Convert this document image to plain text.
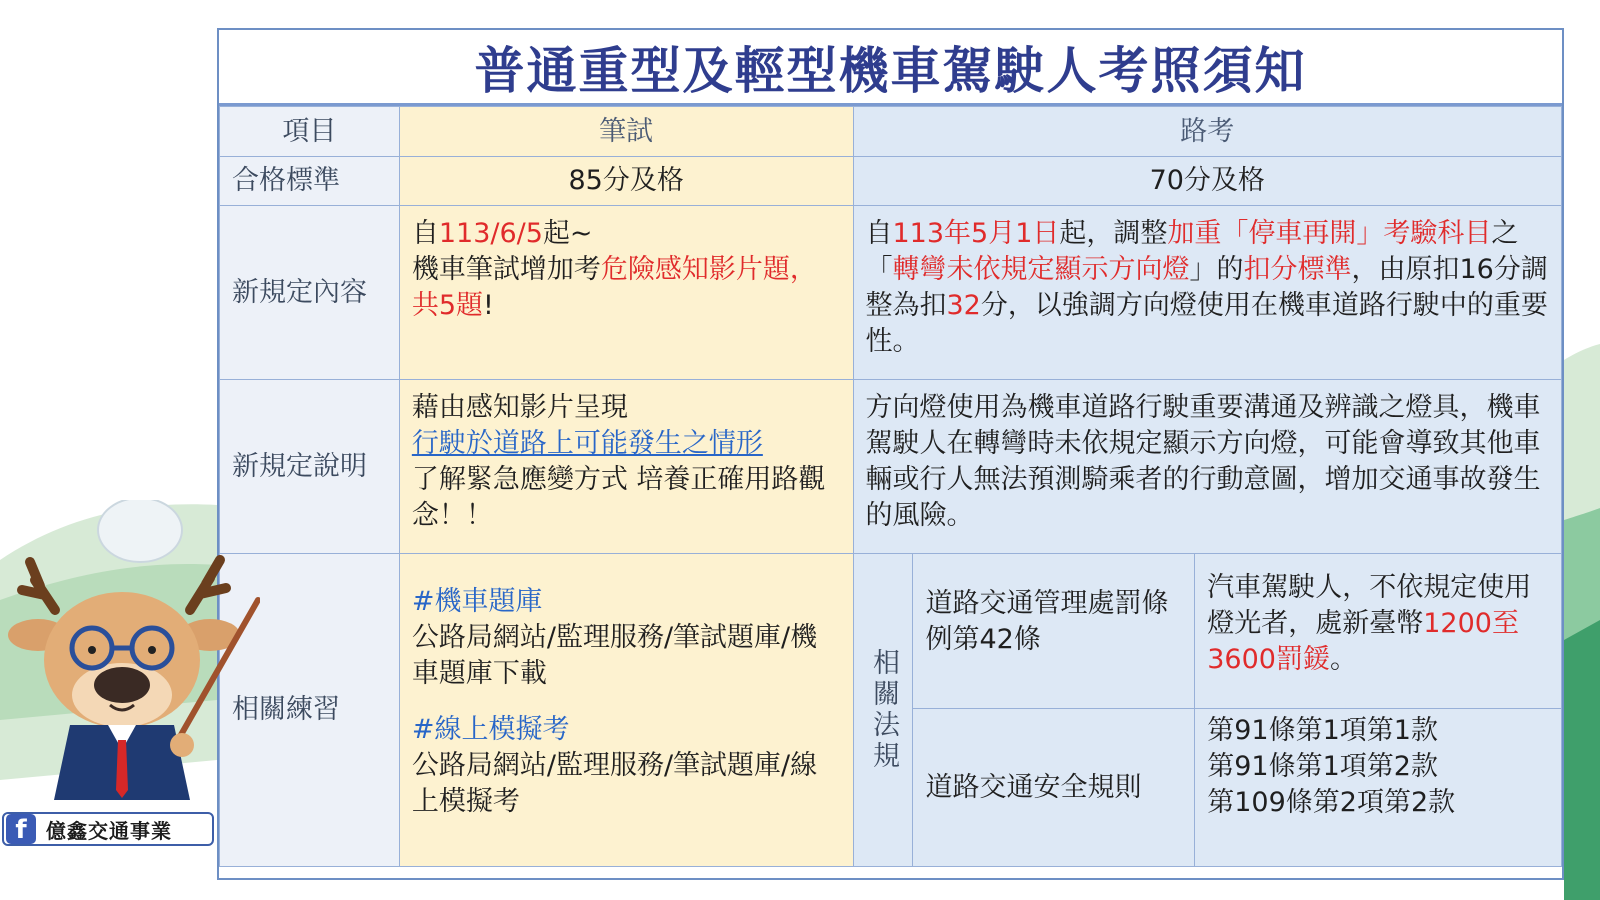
普通重型及輕型機車駕駛人考照須知
項目	筆試	路考		
合格標準	85分及格	70分及格		
新規定內容	自113/6/5起~
機車筆試增加考危險感知影片題，
共5題!	自113年5月1日起，調整加重「停車再開」考驗科目之「轉彎未依規定顯示方向燈」的扣分標準，由原扣16分調整為扣32分，以強調方向燈使用在機車道路行駛中的重要性。		
新規定說明	藉由感知影片呈現
行駛於道路上可能發生之情形
了解緊急應變方式 培養正確用路觀念！！	方向燈使用為機車道路行駛重要溝通及辨識之燈具，機車駕駛人在轉彎時未依規定顯示方向燈，可能會導致其他車輛或行人無法預測騎乘者的行動意圖，增加交通事故發生的風險。		
相關練習	#機車題庫
公路局網站/監理服務/筆試題庫/機車題庫下載
#線上模擬考
公路局網站/監理服務/筆試題庫/線上模擬考	相關法規	道路交通管理處罰條例第42條	汽車駕駛人，不依規定使用燈光者，處新臺幣1200至3600罰鍰。
			道路交通安全規則	第91條第1項第1款
第91條第1項第2款
第109條第2項第2款
f 億鑫交通事業
